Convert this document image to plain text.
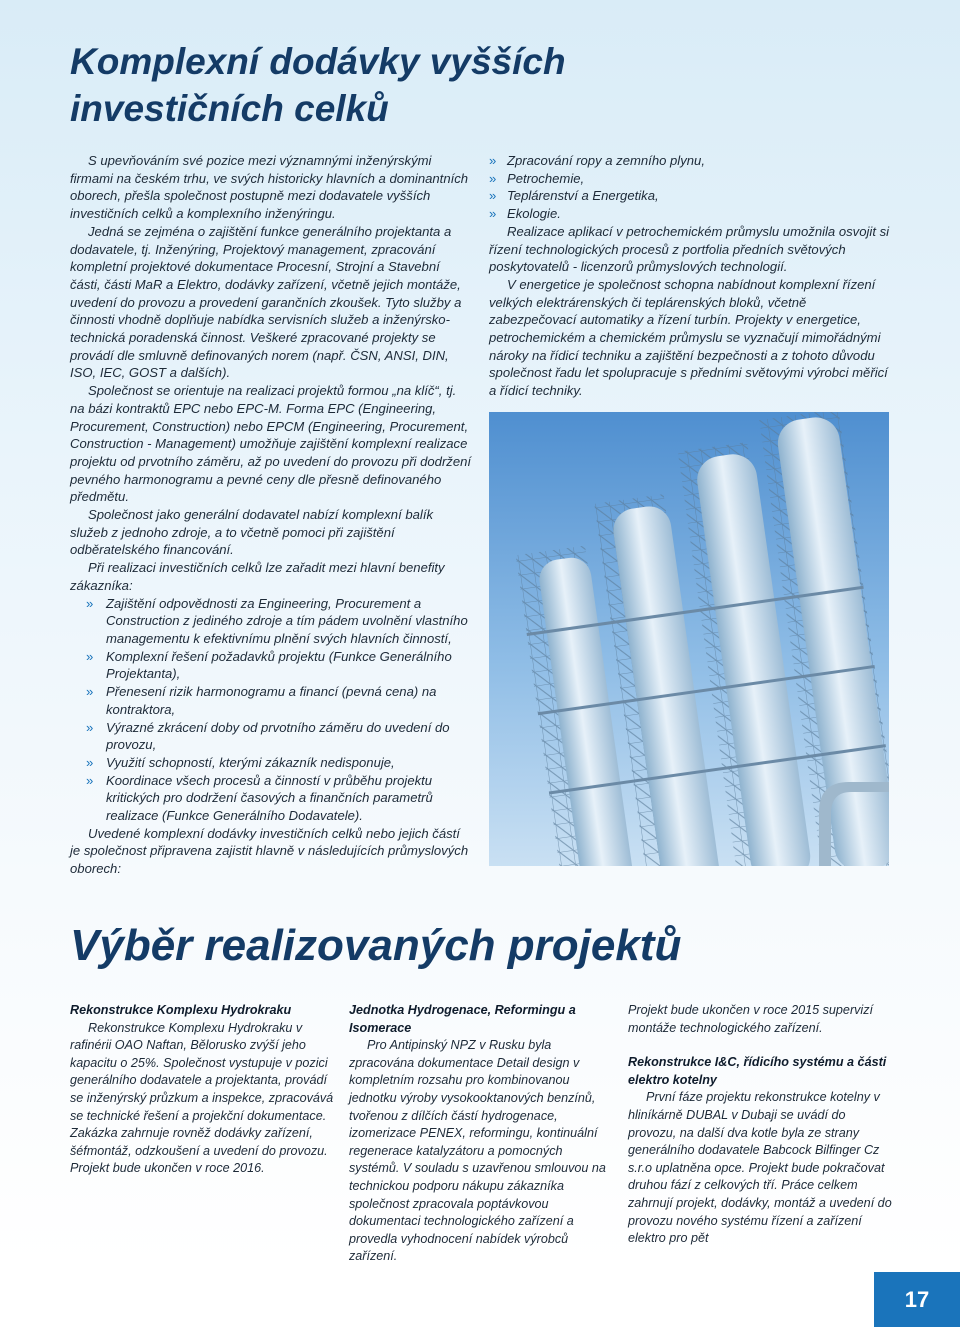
Komplexní dodávky vyšších investičních celků

S upevňováním své pozice mezi významnými inženýrskými firmami na českém trhu, ve svých historicky hlavních a dominantních oborech, přešla společnost postupně mezi dodavatele vyšších investičních celků a komplexního inženýringu.

Jedná se zejména o zajištění funkce generálního projektanta a dodavatele, tj. Inženýring, Projektový management, zpracování kompletní projektové dokumentace Procesní, Strojní a Stavební části, části MaR a Elektro, dodávky zařízení, včetně jejich montáže, uvedení do provozu a provedení garančních zkoušek. Tyto služby a činnosti vhodně doplňuje nabídka servisních služeb a inženýrsko-technická poradenská činnost. Veškeré zpracované projekty se provádí dle smluvně definovaných norem (např. ČSN, ANSI, DIN, ISO, IEC, GOST a dalších).

Společnost se orientuje na realizaci projektů formou „na klíč“, tj. na bázi kontraktů EPC nebo EPC-M. Forma EPC (Engineering, Procurement, Construction) nebo EPCM (Engineering, Procurement, Construction - Management) umožňuje zajištění komplexní realizace projektu od prvotního záměru, až po uvedení do provozu při dodržení pevného harmonogramu a pevné ceny dle přesně definovaného předmětu.

Společnost jako generální dodavatel nabízí komplexní balík služeb z jednoho zdroje, a to včetně pomoci při zajištění odběratelského financování.

Při realizaci investičních celků lze zařadit mezi hlavní benefity zákazníka:

» Zajištění odpovědnosti za Engineering, Procurement a Construction z jediného zdroje a tím pádem uvolnění vlastního managementu k efektivnímu plnění svých hlavních činností,
» Komplexní řešení požadavků projektu (Funkce Generálního Projektanta),
» Přenesení rizik harmonogramu a financí (pevná cena) na kontraktora,
» Výrazné zkrácení doby od prvotního záměru do uvedení do provozu,
» Využití schopností, kterými zákazník nedisponuje,
» Koordinace všech procesů a činností v průběhu projektu kritických pro dodržení časových a finančních parametrů realizace (Funkce Generálního Dodavatele).

Uvedené komplexní dodávky investičních celků nebo jejich částí je společnost připravena zajistit hlavně v následujících průmyslových oborech:

» Zpracování ropy a zemního plynu,
» Petrochemie,
» Teplárenství a Energetika,
» Ekologie.

Realizace aplikací v petrochemickém průmyslu umožnila osvojit si řízení technologických procesů z portfolia předních světových poskytovatelů - licenzorů průmyslových technologií.

V energetice je společnost schopna nabídnout komplexní řízení velkých elektrárenských či teplárenských bloků, včetně zabezpečovací automatiky a řízení turbín. Projekty v energetice, petrochemickém a chemickém průmyslu se vyznačují mimořádnými nároky na řídicí techniku a zajištění bezpečnosti a z tohoto důvodu společnost řadu let spolupracuje s předními světovými výrobci měřicí a řídicí techniky.

Výběr realizovaných projektů

Rekonstrukce Komplexu Hydrokraku

Rekonstrukce Komplexu Hydrokraku v rafinérii OAO Naftan, Bělorusko zvýší jeho kapacitu o 25%. Společnost vystupuje v pozici generálního dodavatele a projektanta, provádí se inženýrský průzkum a inspekce, zpracovává se technické řešení a projekční dokumentace. Zakázka zahrnuje rovněž dodávky zařízení, šéfmontáž, odzkoušení a uvedení do provozu. Projekt bude ukončen v roce 2016.

Jednotka Hydrogenace, Reformingu a Isomerace

Pro Antipinský NPZ v Rusku byla zpracována dokumentace Detail design v kompletním rozsahu pro kombinovanou jednotku výroby vysokooktanových benzínů, tvořenou z dílčích částí hydrogenace, izomerizace PENEX, reformingu, kontinuální regenerace katalyzátoru a pomocných systémů. V souladu s uzavřenou smlouvou na technickou podporu nákupu zákazníka společnost zpracovala poptávkovou dokumentaci technologického zařízení a provedla vyhodnocení nabídek výrobců zařízení.

Projekt bude ukončen v roce 2015 supervizí montáže technologického zařízení.

Rekonstrukce I&C, řídicího systému a části elektro kotelny

První fáze projektu rekonstrukce kotelny v hliníkárně DUBAL v Dubaji se uvádí do provozu, na další dva kotle byla ze strany generálního dodavatele Babcock Bilfinger Cz s.r.o uplatněna opce. Projekt bude pokračovat druhou fází z celkových tří. Práce celkem zahrnují projekt, dodávky, montáž a uvedení do provozu nového systému řízení a zařízení elektro pro pět

17
